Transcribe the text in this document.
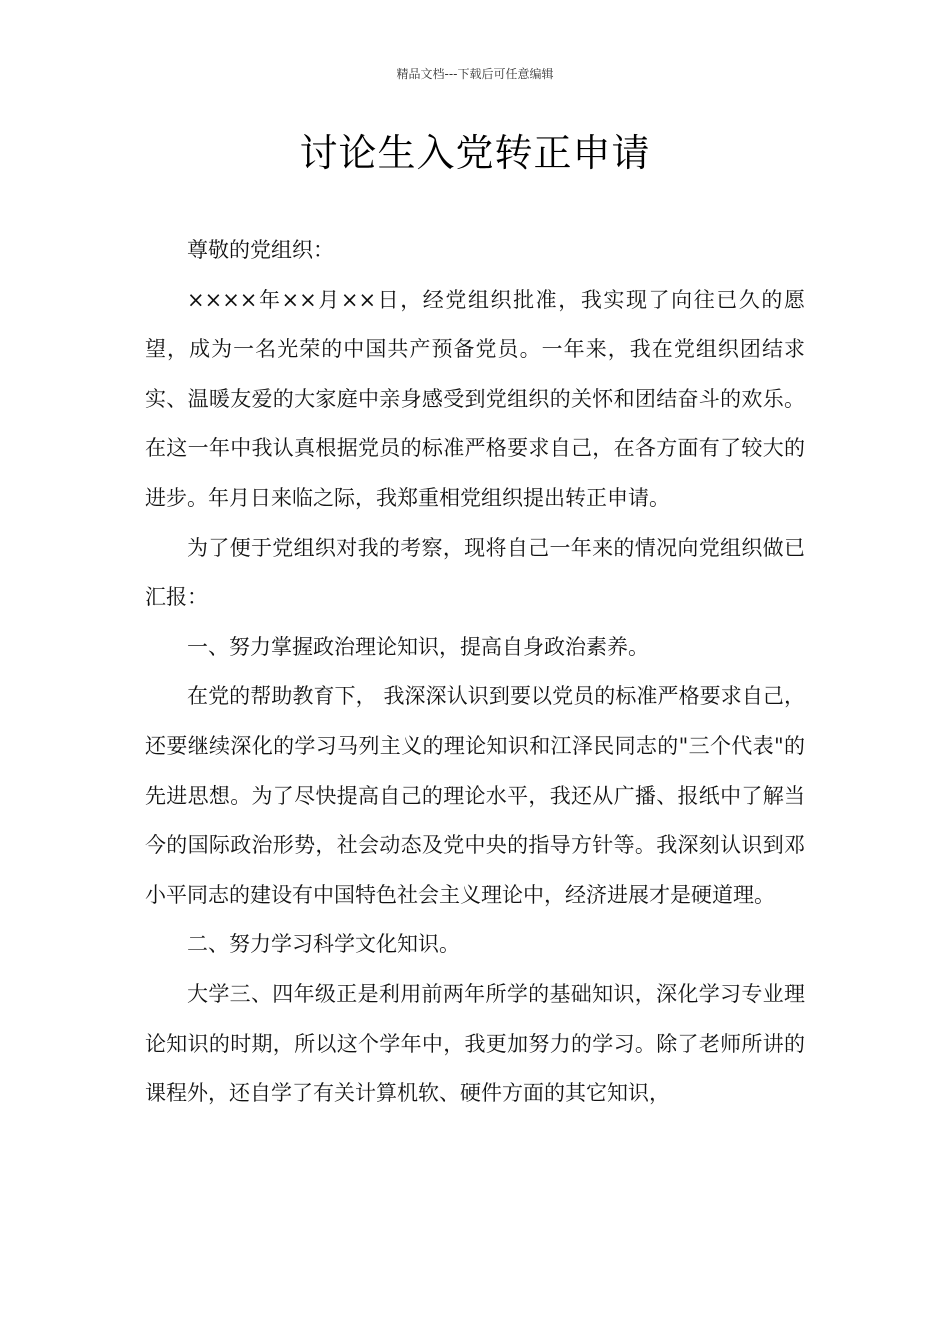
精品文档---下载后可任意编辑
讨论生入党转正申请

尊敬的党组织：

××××年××月××日，经党组织批准，我实现了向往已久的愿望，成为一名光荣的中国共产预备党员。一年来，我在党组织团结求实、温暖友爱的大家庭中亲身感受到党组织的关怀和团结奋斗的欢乐。在这一年中我认真根据党员的标准严格要求自己，在各方面有了较大的进步。年月日来临之际，我郑重相党组织提出转正申请。

为了便于党组织对我的考察，现将自己一年来的情况向党组织做已汇报：

一、努力掌握政治理论知识，提高自身政治素养。

在党的帮助教育下， 我深深认识到要以党员的标准严格要求自己，还要继续深化的学习马列主义的理论知识和江泽民同志的"三个代表"的先进思想。为了尽快提高自己的理论水平，我还从广播、报纸中了解当今的国际政治形势，社会动态及党中央的指导方针等。我深刻认识到邓小平同志的建设有中国特色社会主义理论中，经济进展才是硬道理。

二、努力学习科学文化知识。

大学三、四年级正是利用前两年所学的基础知识，深化学习专业理论知识的时期，所以这个学年中，我更加努力的学习。除了老师所讲的课程外，还自学了有关计算机软、硬件方面的其它知识，
